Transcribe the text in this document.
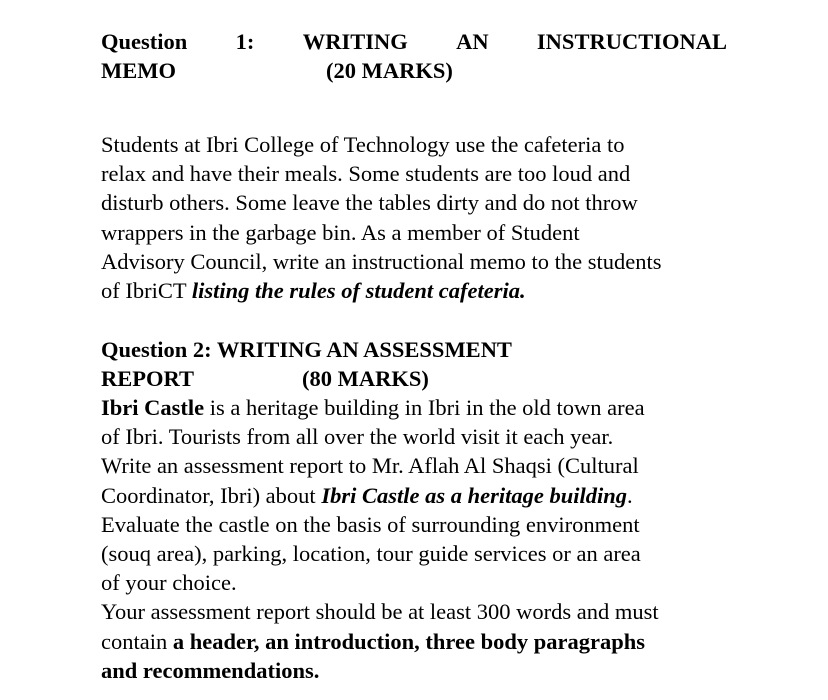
Question 1: WRITING AN INSTRUCTIONAL
MEMO	(20 MARKS)

Students at Ibri College of Technology use the cafeteria to

relax and have their meals. Some students are too loud and

disturb others. Some leave the tables dirty and do not throw

wrappers in the garbage bin. As a member of Student

Advisory Council, write an instructional memo to the students

of IbriCT listing the rules of student cafeteria.

Question 2: WRITING AN ASSESSMENT

REPORT	(80 MARKS)

Ibri Castle is a heritage building in Ibri in the old town area

of Ibri. Tourists from all over the world visit it each year.

Write an assessment report to Mr. Aflah Al Shaqsi (Cultural

Coordinator, Ibri) about Ibri Castle as a heritage building.

Evaluate the castle on the basis of surrounding environment

(souq area), parking, location, tour guide services or an area

of your choice.

Your assessment report should be at least 300 words and must

contain a header, an introduction, three body paragraphs

and recommendations.
